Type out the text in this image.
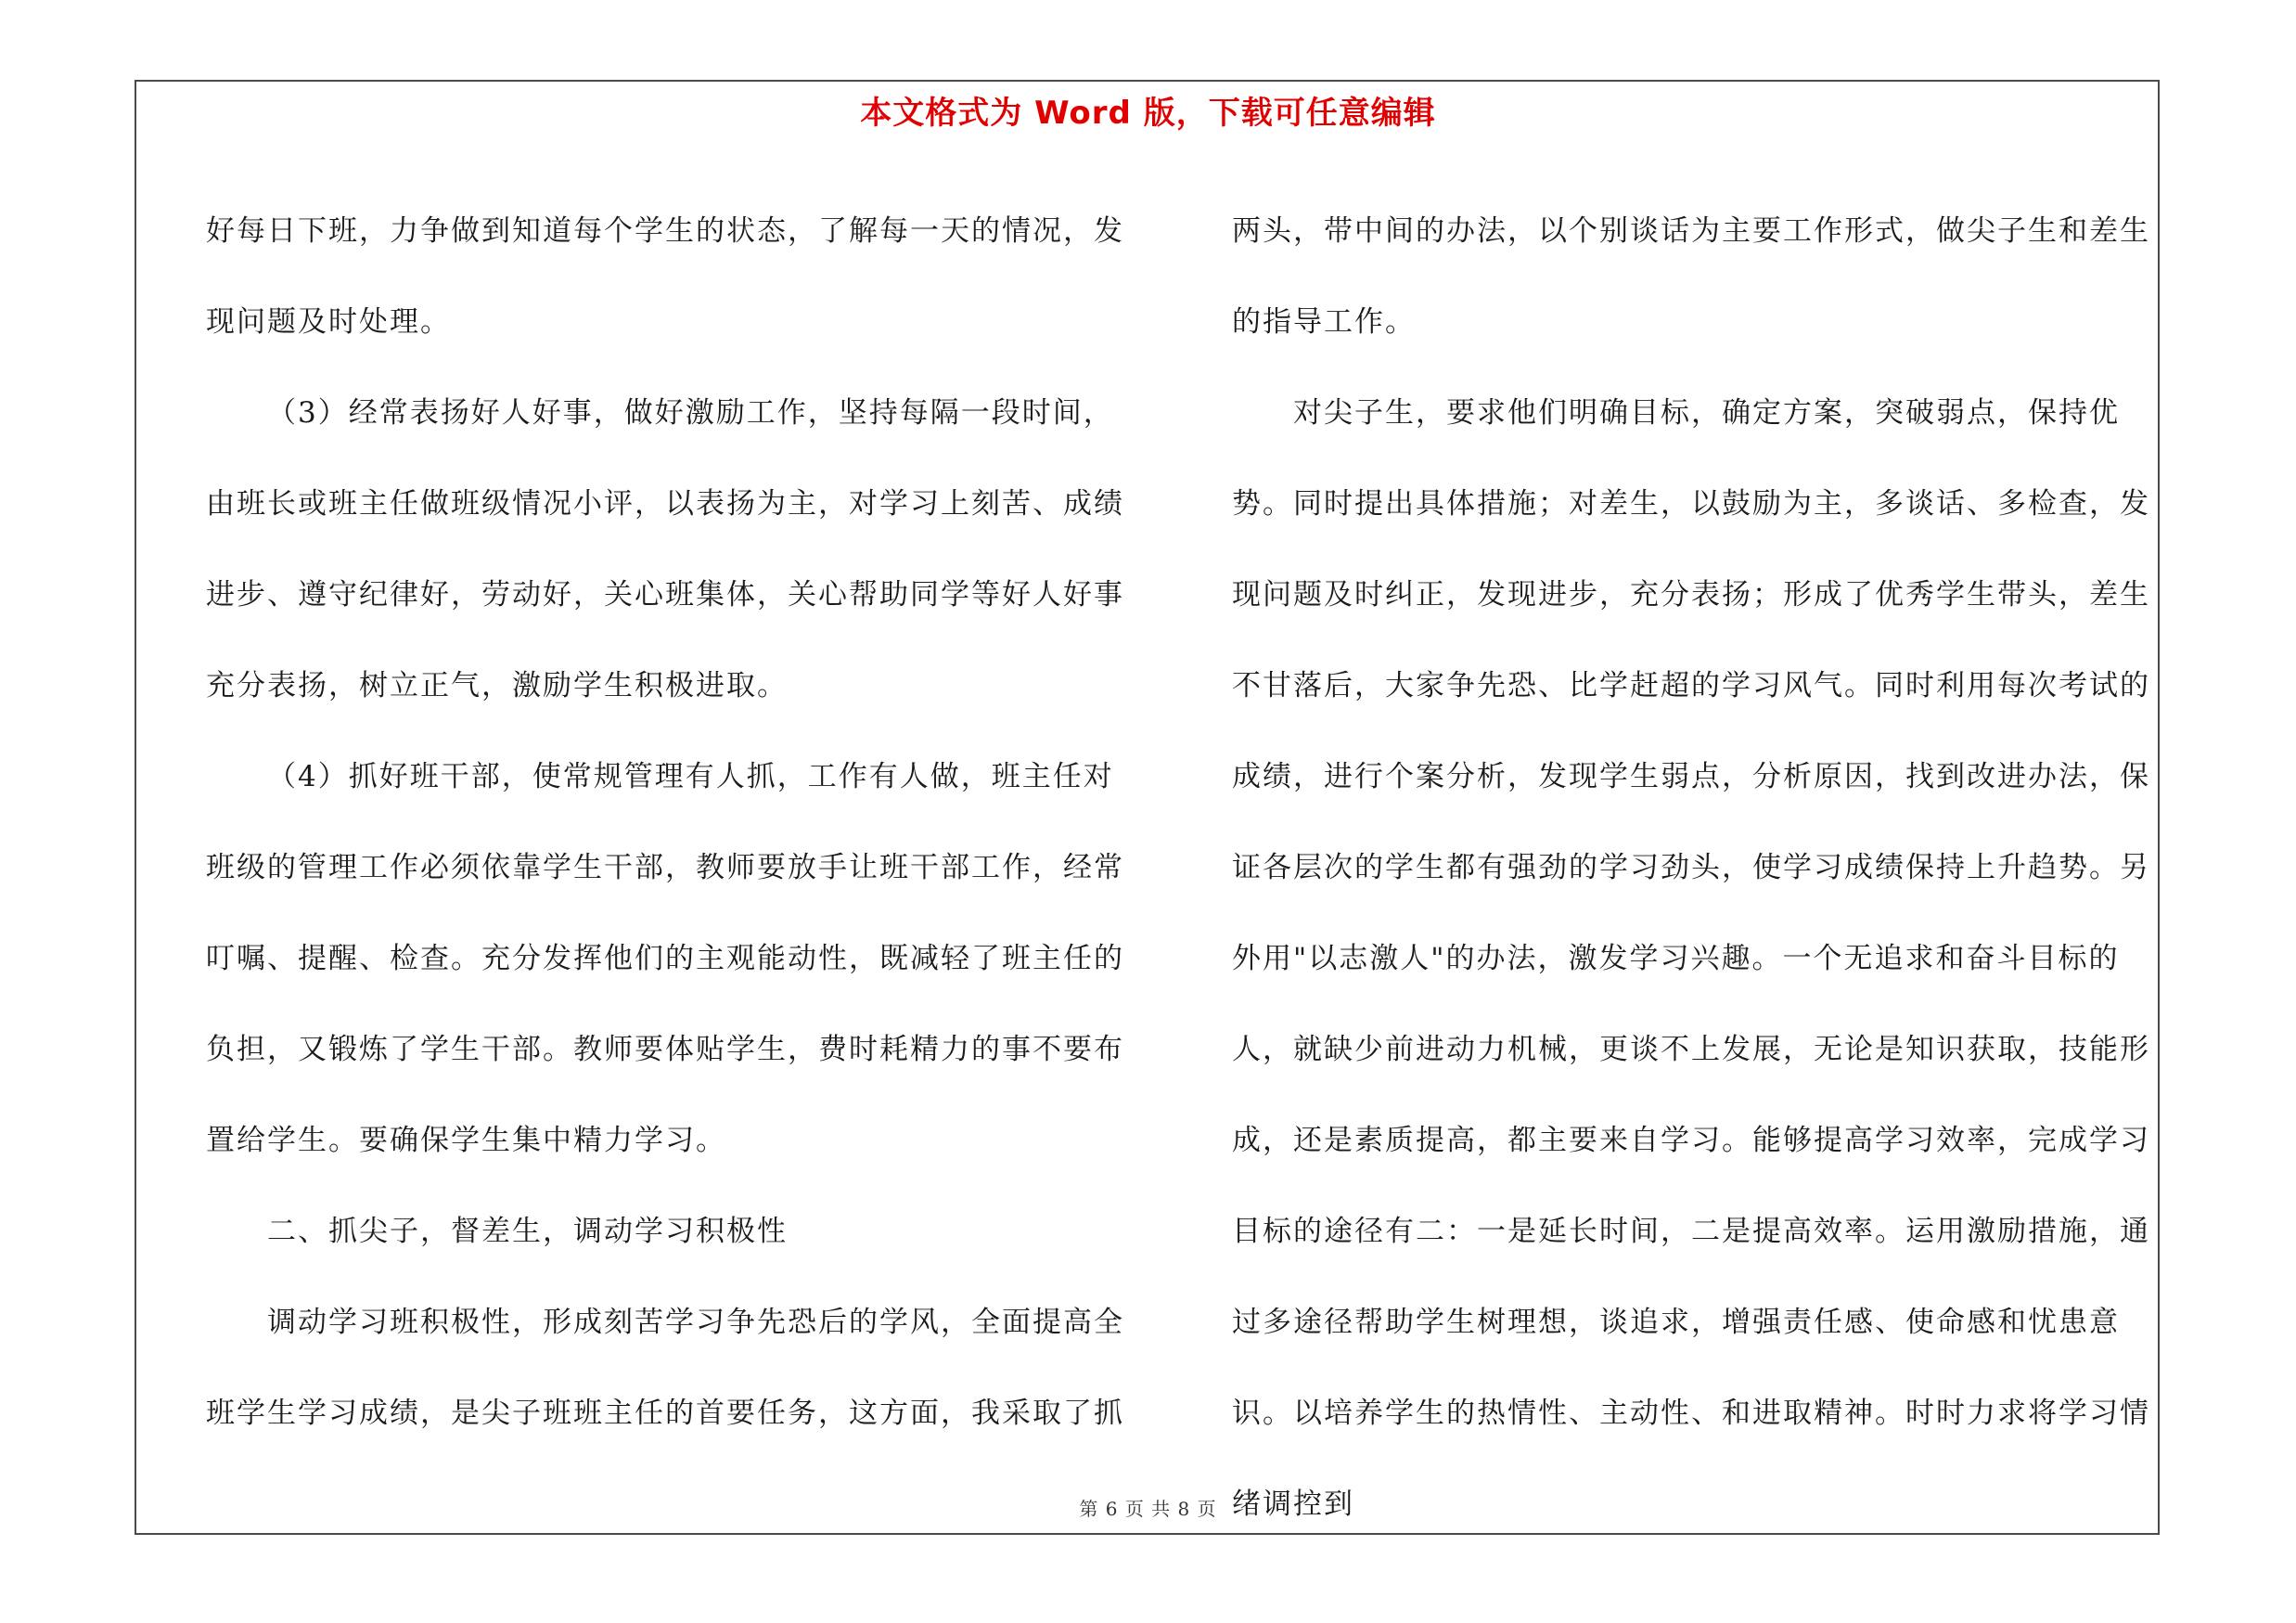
本文格式为 Word 版，下载可任意编辑

好每日下班，力争做到知道每个学生的状态，了解每一天的情况，发现问题及时处理。

（3）经常表扬好人好事，做好激励工作，坚持每隔一段时间，由班长或班主任做班级情况小评，以表扬为主，对学习上刻苦、成绩进步、遵守纪律好，劳动好，关心班集体，关心帮助同学等好人好事充分表扬，树立正气，激励学生积极进取。

（4）抓好班干部，使常规管理有人抓，工作有人做，班主任对班级的管理工作必须依靠学生干部，教师要放手让班干部工作，经常叮嘱、提醒、检查。充分发挥他们的主观能动性，既减轻了班主任的负担，又锻炼了学生干部。教师要体贴学生，费时耗精力的事不要布置给学生。要确保学生集中精力学习。

二、抓尖子，督差生，调动学习积极性

调动学习班积极性，形成刻苦学习争先恐后的学风，全面提高全班学生学习成绩，是尖子班班主任的首要任务，这方面，我采取了抓

两头，带中间的办法，以个别谈话为主要工作形式，做尖子生和差生的指导工作。

对尖子生，要求他们明确目标，确定方案，突破弱点，保持优势。同时提出具体措施；对差生，以鼓励为主，多谈话、多检查，发现问题及时纠正，发现进步，充分表扬；形成了优秀学生带头，差生不甘落后，大家争先恐、比学赶超的学习风气。同时利用每次考试的成绩，进行个案分析，发现学生弱点，分析原因，找到改进办法，保证各层次的学生都有强劲的学习劲头，使学习成绩保持上升趋势。另外用"以志激人"的办法，激发学习兴趣。一个无追求和奋斗目标的人，就缺少前进动力机械，更谈不上发展，无论是知识获取，技能形成，还是素质提高，都主要来自学习。能够提高学习效率，完成学习目标的途径有二：一是延长时间，二是提高效率。运用激励措施，通过多途径帮助学生树理想，谈追求，增强责任感、使命感和忧患意识。以培养学生的热情性、主动性、和进取精神。时时力求将学习情绪调控到

第 6 页 共 8 页
